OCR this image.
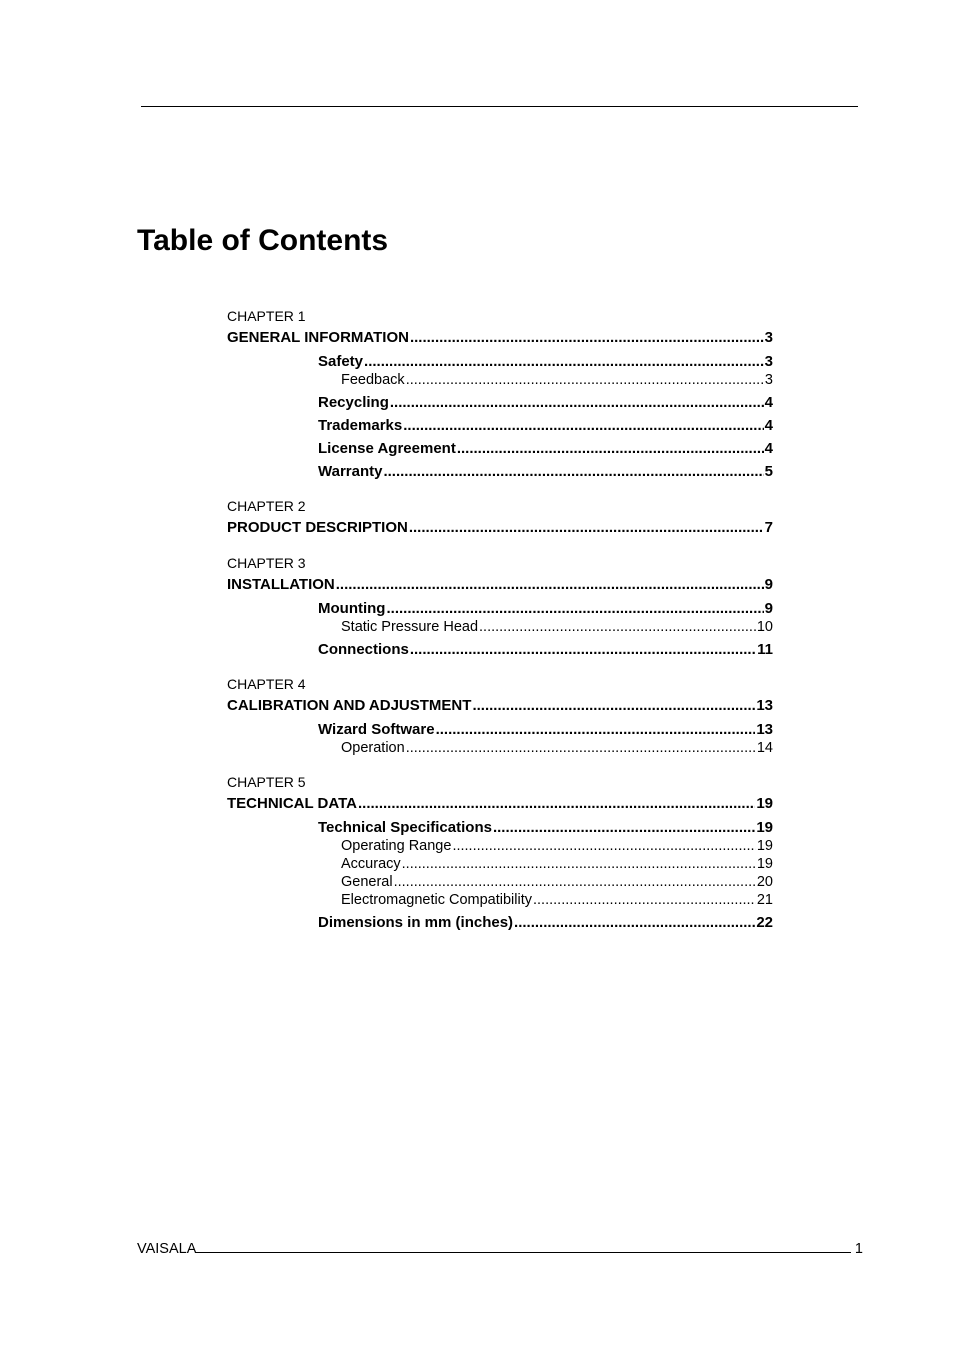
Table of Contents
CHAPTER 1
GENERAL INFORMATION .....	3
Safety .....	3
Feedback .....	3
Recycling .....	4
Trademarks .....	4
License Agreement .....	4
Warranty .....	5
CHAPTER 2
PRODUCT DESCRIPTION .....	7
CHAPTER 3
INSTALLATION .....	9
Mounting .....	9
Static Pressure Head .....	10
Connections .....	11
CHAPTER 4
CALIBRATION AND ADJUSTMENT .....	13
Wizard Software .....	13
Operation .....	14
CHAPTER 5
TECHNICAL DATA .....	19
Technical Specifications .....	19
Operating Range .....	19
Accuracy .....	19
General .....	20
Electromagnetic Compatibility .....	21
Dimensions in mm (inches) .....	22
VAISALA	1
